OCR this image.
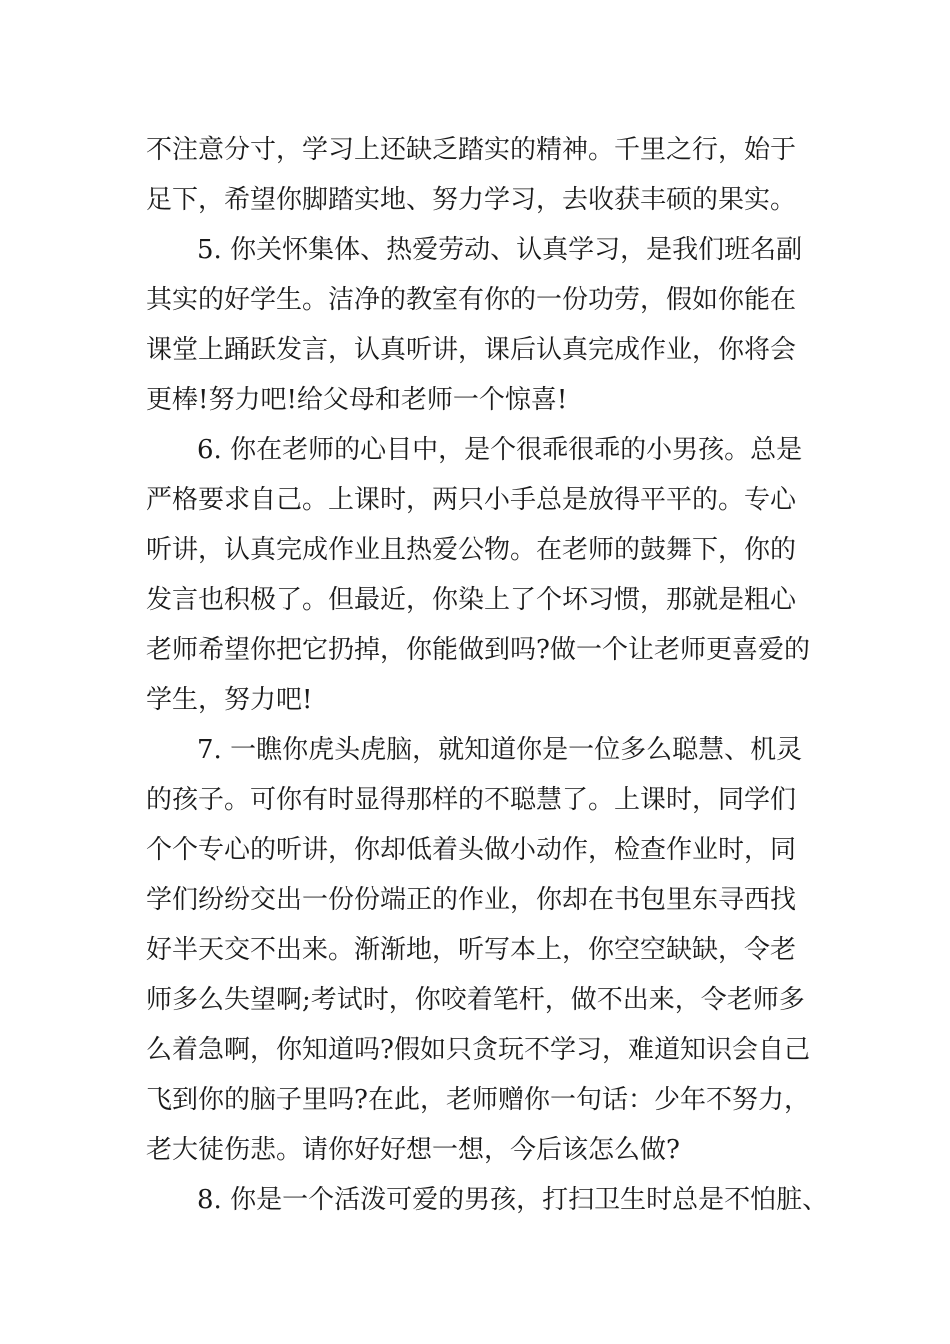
不注意分寸，学习上还缺乏踏实的精神。千里之行，始于
足下，希望你脚踏实地、努力学习，去收获丰硕的果实。
5. 你关怀集体、热爱劳动、认真学习，是我们班名副
其实的好学生。洁净的教室有你的一份功劳，假如你能在
课堂上踊跃发言，认真听讲，课后认真完成作业，你将会
更棒!努力吧!给父母和老师一个惊喜!
6. 你在老师的心目中，是个很乖很乖的小男孩。总是
严格要求自己。上课时，两只小手总是放得平平的。专心
听讲，认真完成作业且热爱公物。在老师的鼓舞下，你的
发言也积极了。但最近，你染上了个坏习惯，那就是粗心
老师希望你把它扔掉，你能做到吗?做一个让老师更喜爱的
学生，努力吧!
7. 一瞧你虎头虎脑，就知道你是一位多么聪慧、机灵
的孩子。可你有时显得那样的不聪慧了。上课时，同学们
个个专心的听讲，你却低着头做小动作，检查作业时，同
学们纷纷交出一份份端正的作业，你却在书包里东寻西找
好半天交不出来。渐渐地，听写本上，你空空缺缺，令老
师多么失望啊;考试时，你咬着笔杆，做不出来，令老师多
么着急啊，你知道吗?假如只贪玩不学习，难道知识会自己
飞到你的脑子里吗?在此，老师赠你一句话：少年不努力，
老大徒伤悲。请你好好想一想，今后该怎么做?
8. 你是一个活泼可爱的男孩，打扫卫生时总是不怕脏、
